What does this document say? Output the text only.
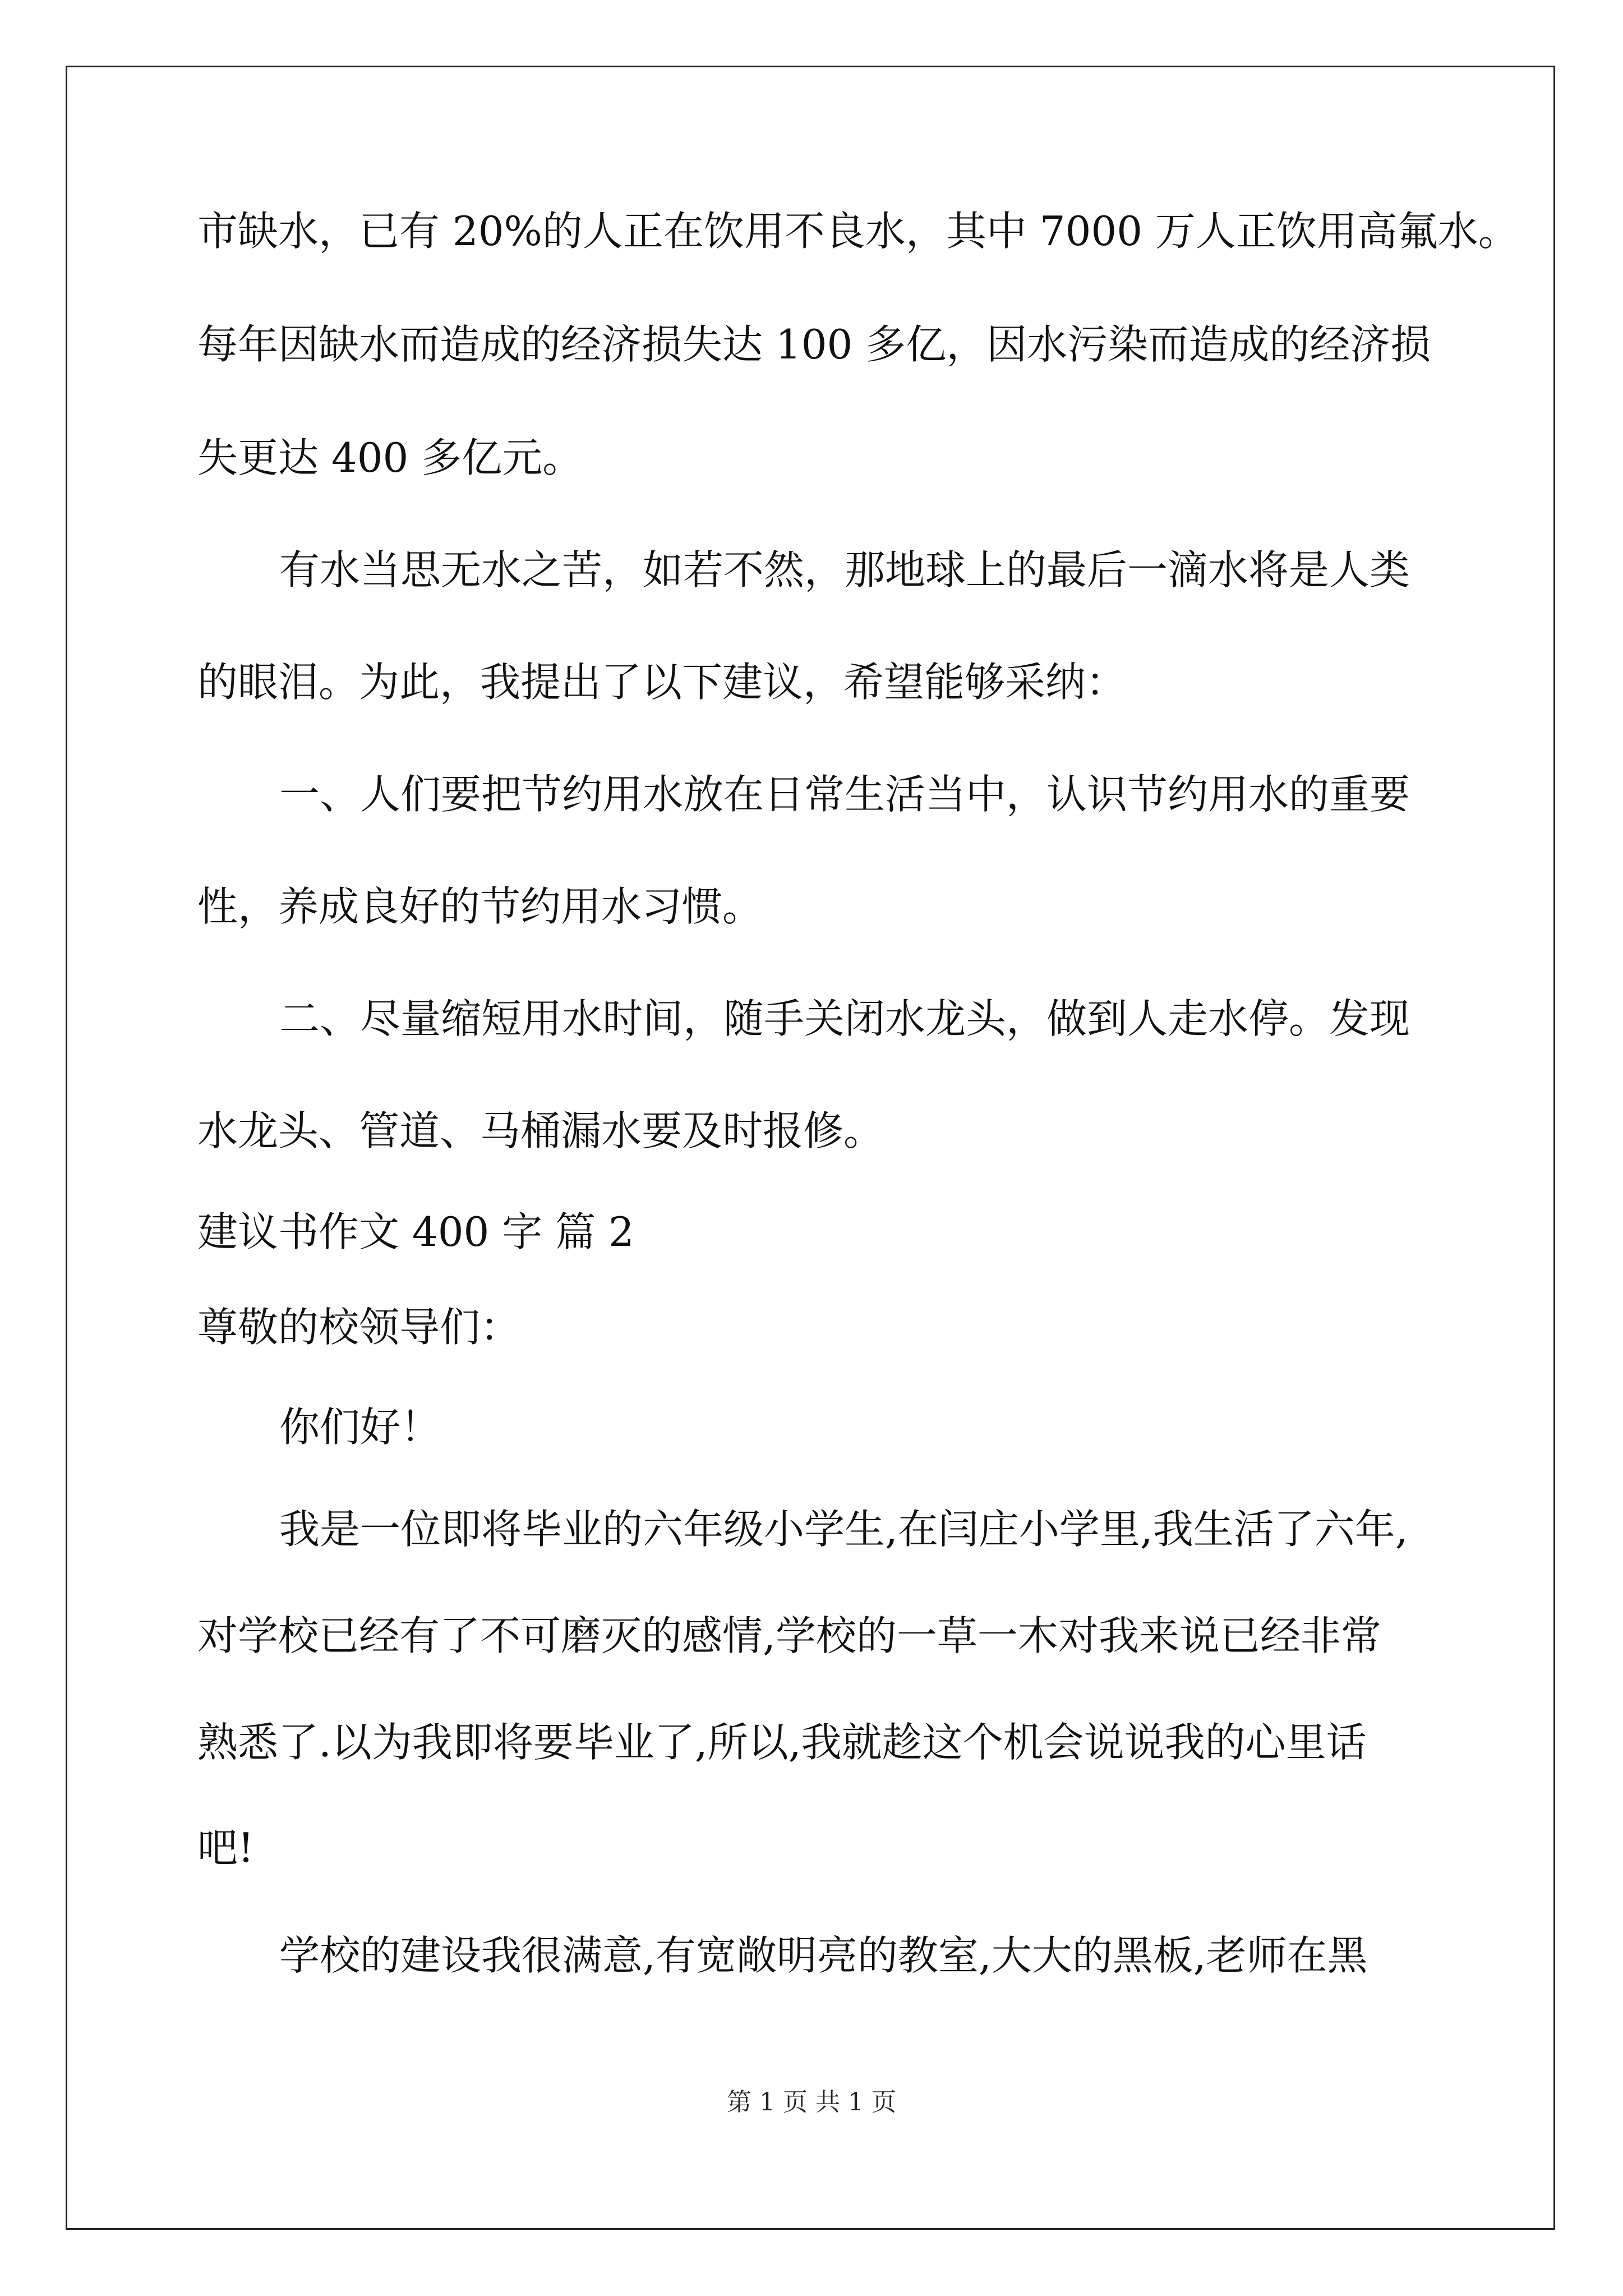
市缺水，已有 20%的人正在饮用不良水，其中 7000 万人正饮用高氟水。
每年因缺水而造成的经济损失达 100 多亿，因水污染而造成的经济损
失更达 400 多亿元。
有水当思无水之苦，如若不然，那地球上的最后一滴水将是人类
的眼泪。为此，我提出了以下建议，希望能够采纳：
一、人们要把节约用水放在日常生活当中，认识节约用水的重要
性，养成良好的节约用水习惯。
二、尽量缩短用水时间，随手关闭水龙头，做到人走水停。发现
水龙头、管道、马桶漏水要及时报修。
建议书作文 400 字 篇 2
尊敬的校领导们：
你们好！
我是一位即将毕业的六年级小学生,在闫庄小学里,我生活了六年,
对学校已经有了不可磨灭的感情,学校的一草一木对我来说已经非常
熟悉了.以为我即将要毕业了,所以,我就趁这个机会说说我的心里话
吧!
学校的建设我很满意,有宽敞明亮的教室,大大的黑板,老师在黑
第 1 页 共 1 页
